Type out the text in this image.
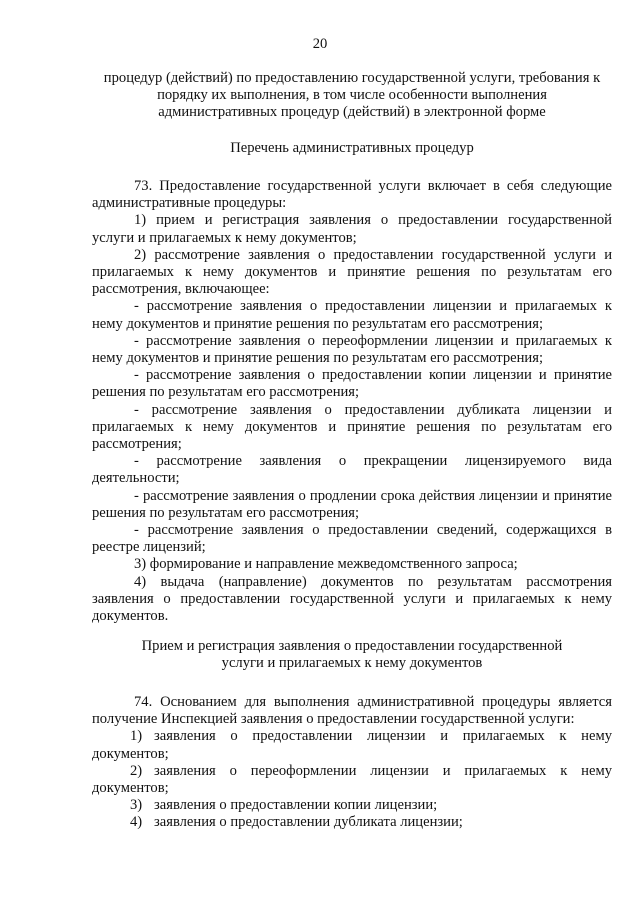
20

процедур (действий) по предоставлению государственной услуги, требования к

порядку их выполнения, в том числе особенности выполнения

административных процедур (действий) в электронной форме

Перечень административных процедур

73. Предоставление государственной услуги включает в себя следующие административные процедуры:

1) прием и регистрация заявления о предоставлении государственной услуги и прилагаемых к нему документов;

2) рассмотрение заявления о предоставлении государственной услуги и прилагаемых к нему документов и принятие решения по результатам его рассмотрения, включающее:

- рассмотрение заявления о предоставлении лицензии и прилагаемых к нему документов и принятие решения по результатам его рассмотрения;

- рассмотрение заявления о переоформлении лицензии и прилагаемых к нему документов и принятие решения по результатам его рассмотрения;

- рассмотрение заявления о предоставлении копии лицензии и принятие решения по результатам его рассмотрения;

- рассмотрение заявления о предоставлении дубликата лицензии и прилагаемых к нему документов и принятие решения по результатам его рассмотрения;

- рассмотрение заявления о прекращении лицензируемого вида деятельности;

- рассмотрение заявления о продлении срока действия лицензии и принятие решения по результатам его рассмотрения;

- рассмотрение заявления о предоставлении сведений, содержащихся в реестре лицензий;

3) формирование и направление межведомственного запроса;

4) выдача (направление) документов по результатам рассмотрения заявления о предоставлении государственной услуги и прилагаемых к нему документов.

Прием и регистрация заявления о предоставлении государственной

услуги и прилагаемых к нему документов

74. Основанием для выполнения административной процедуры является получение Инспекцией заявления о предоставлении государственной услуги:

1) заявления о предоставлении лицензии и прилагаемых к нему

документов;

2) заявления о переоформлении лицензии и прилагаемых к нему

документов;

3) заявления о предоставлении копии лицензии;
4) заявления о предоставлении дубликата лицензии;
